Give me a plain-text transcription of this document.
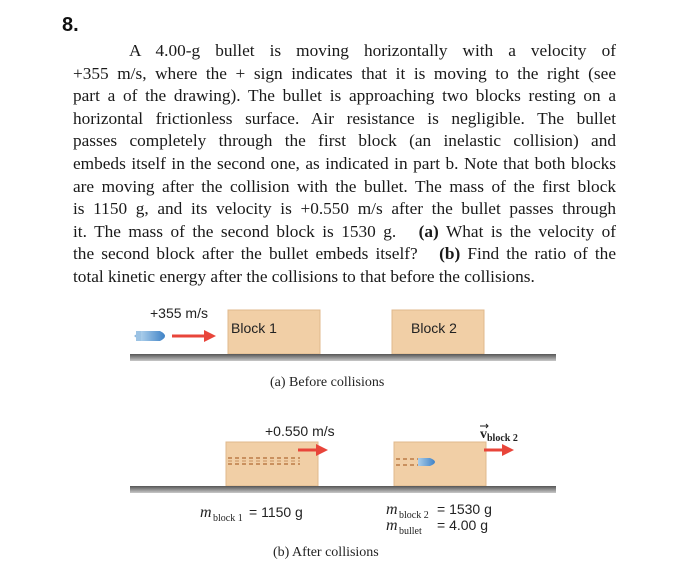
8.

A 4.00-g bullet is moving horizontally with a velocity of
+355 m/s, where the + sign indicates that it is moving to the right (see
part a of the drawing). The bullet is approaching two blocks resting on a
horizontal frictionless surface. Air resistance is negligible. The bullet
passes completely through the first block (an inelastic collision) and
embeds itself in the second one, as indicated in part b. Note that both blocks
are moving after the collision with the bullet. The mass of the first block
is 1150 g, and its velocity is +0.550 m/s after the bullet passes through
it. The mass of the second block is 1530 g. (a) What is the velocity of
the second block after the bullet embeds itself? (b) Find the ratio of the
total kinetic energy after the collisions to that before the collisions.

+355 m/s
Block 1	Block 2
(a) Before collisions
+0.550 m/s	v block 2
m block 1 = 1150 g	m block 2 = 1530 g
m bullet = 4.00 g
(b) After collisions
